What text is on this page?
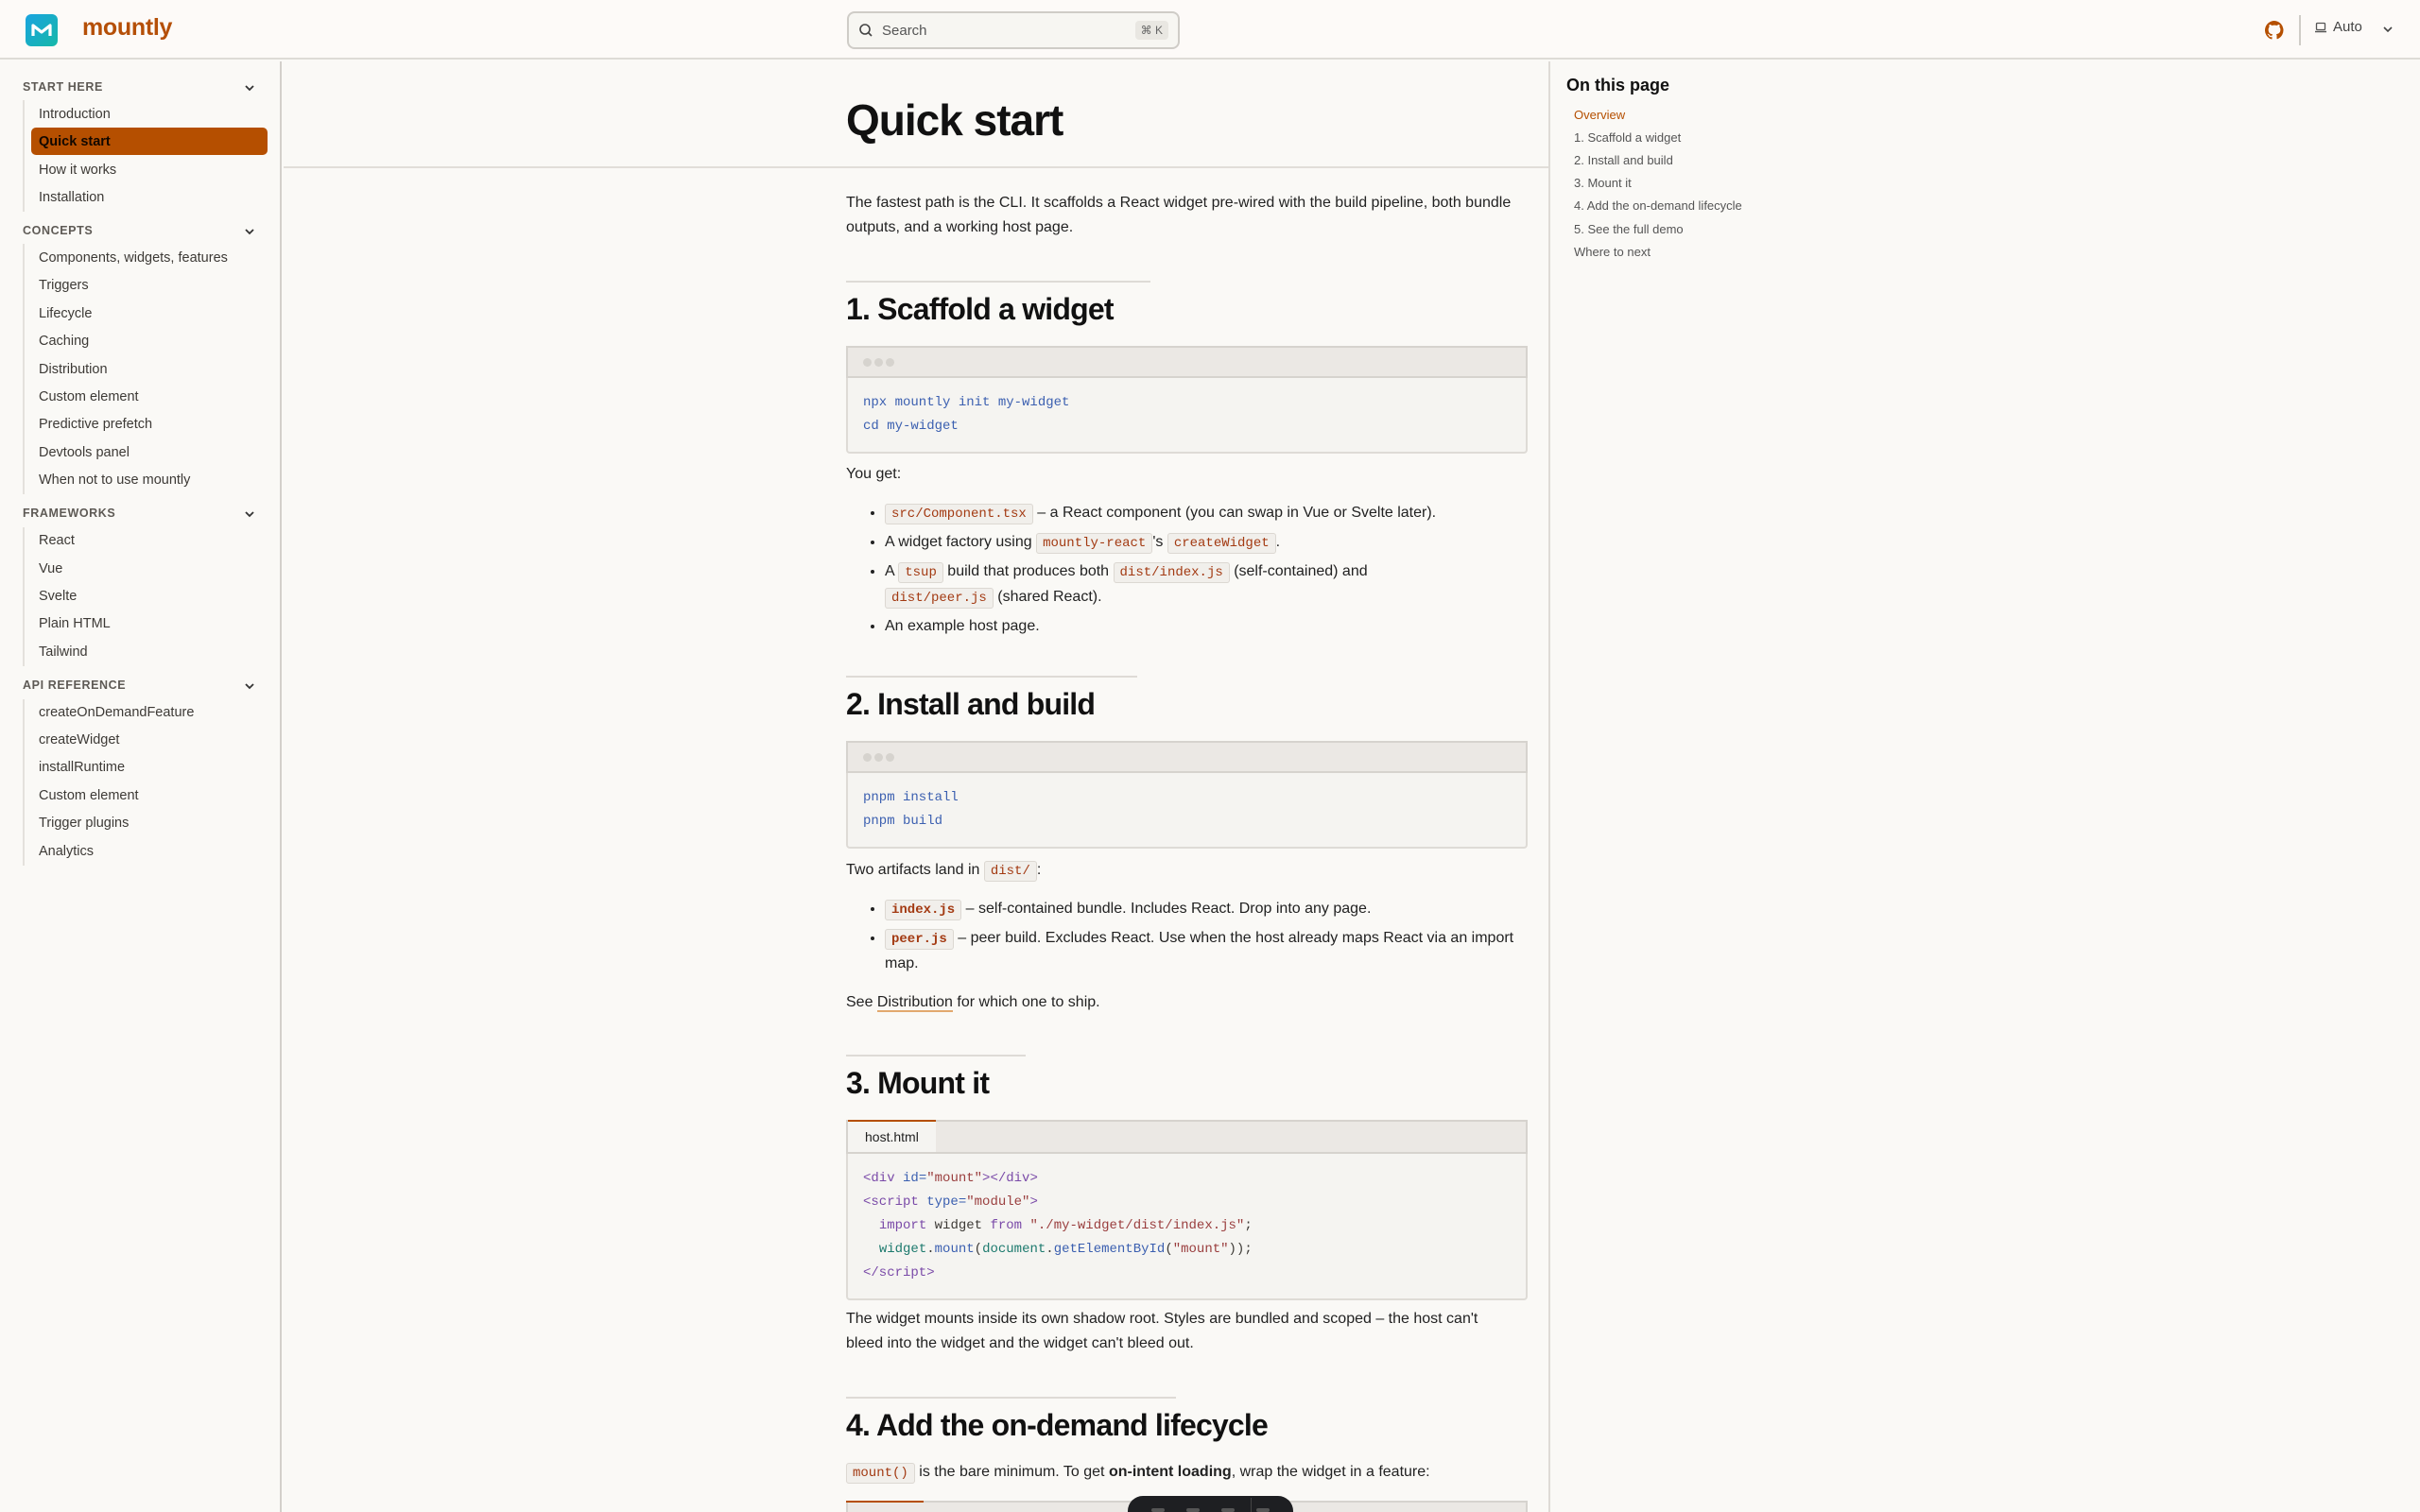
mountly	Search	⌘ K	Auto
START HERE
Introduction
Quick start
How it works
Installation
CONCEPTS
Components, widgets, features
Triggers
Lifecycle
Caching
Distribution
Custom element
Predictive prefetch
Devtools panel
When not to use mountly
FRAMEWORKS
React
Vue
Svelte
Plain HTML
Tailwind
API REFERENCE
createOnDemandFeature
createWidget
installRuntime
Custom element
Trigger plugins
Analytics
Quick start

The fastest path is the CLI. It scaffolds a React widget pre-wired with the build pipeline, both bundle outputs, and a working host page.

1. Scaffold a widget
npx mountly init my-widget
cd my-widget

You get:

• src/Component.tsx – a React component (you can swap in Vue or Svelte later).
• A widget factory using mountly-react 's createWidget .
• A tsup build that produces both dist/index.js (self-contained) and
dist/peer.js (shared React).
• An example host page.
2. Install and build
pnpm install
pnpm build

Two artifacts land in dist/ :

• index.js – self-contained bundle. Includes React. Drop into any page.
• peer.js – peer build. Excludes React. Use when the host already maps React via an import map.

See Distribution for which one to ship.

3. Mount it
host.html
<div id="mount"></div>
<script type="module">
import widget from "./my-widget/dist/index.js";
widget.mount(document.getElementById("mount"));
</script>

The widget mounts inside its own shadow root. Styles are bundled and scoped – the host can't bleed into the widget and the widget can't bleed out.

4. Add the on-demand lifecycle

mount() is the bare minimum. To get on-intent loading, wrap the widget in a feature:

On this page
Overview
1. Scaffold a widget
2. Install and build
3. Mount it
4. Add the on-demand lifecycle
5. See the full demo
Where to next
